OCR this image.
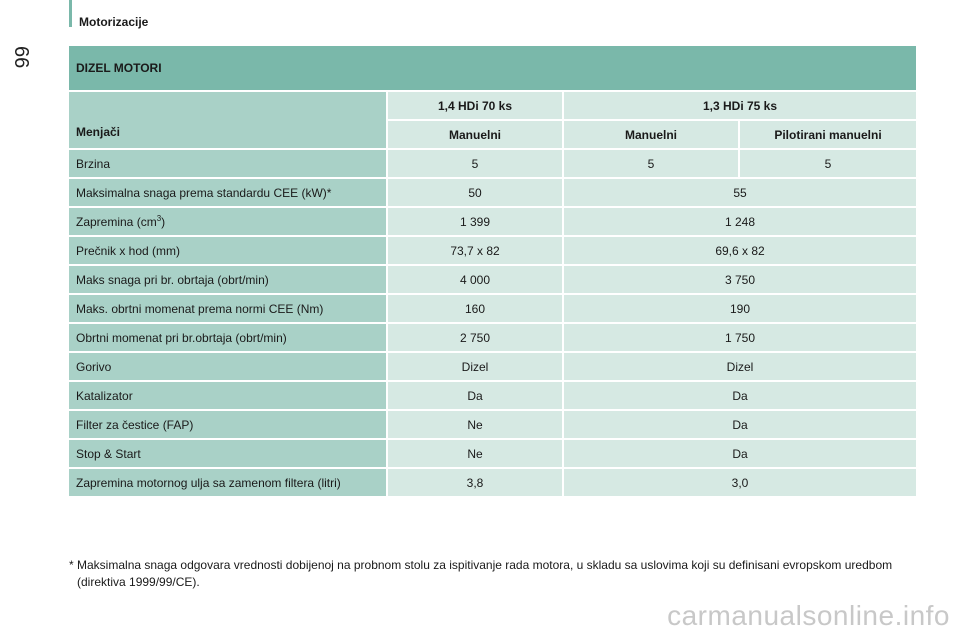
Motorizacije
66	DIZEL MOTORI
Menjači	1,4 HDi 70 ks	1,3 HDi 75 ks	
	Manuelni	Manuelni	Pilotirani manuelni
Brzina	5	5	5
Maksimalna snaga prema standardu CEE (kW)*	50	55	
Zapremina $(cm^3)$	1 399	1 248	
Prečnik x hod (mm)	73,7 x 82	69,6 x 82	
Maks snaga pri br. obrtaja (obrt/min)	4 000	3 750	
Maks. obrtni momenat prema normi CEE (Nm)	160	190	
Obrtni momenat pri br.obrtaja (obrt/min)	2 750	1 750	
Gorivo	Dizel	Dizel	
Katalizator	Da	Da	
Filter za čestice (FAP)	Ne	Da	
Stop & Start	Ne	Da	
Zapremina motornog ulja sa zamenom filtera (litri)	3,8	3,0	
* Maksimalna snaga odgovara vrednosti dobijenoj na probnom stolu za ispitivanje rada motora, u skladu sa uslovima koji su definisani evropskom uredbom (direktiva 1999/99/CE).
carmanualsonline.info
